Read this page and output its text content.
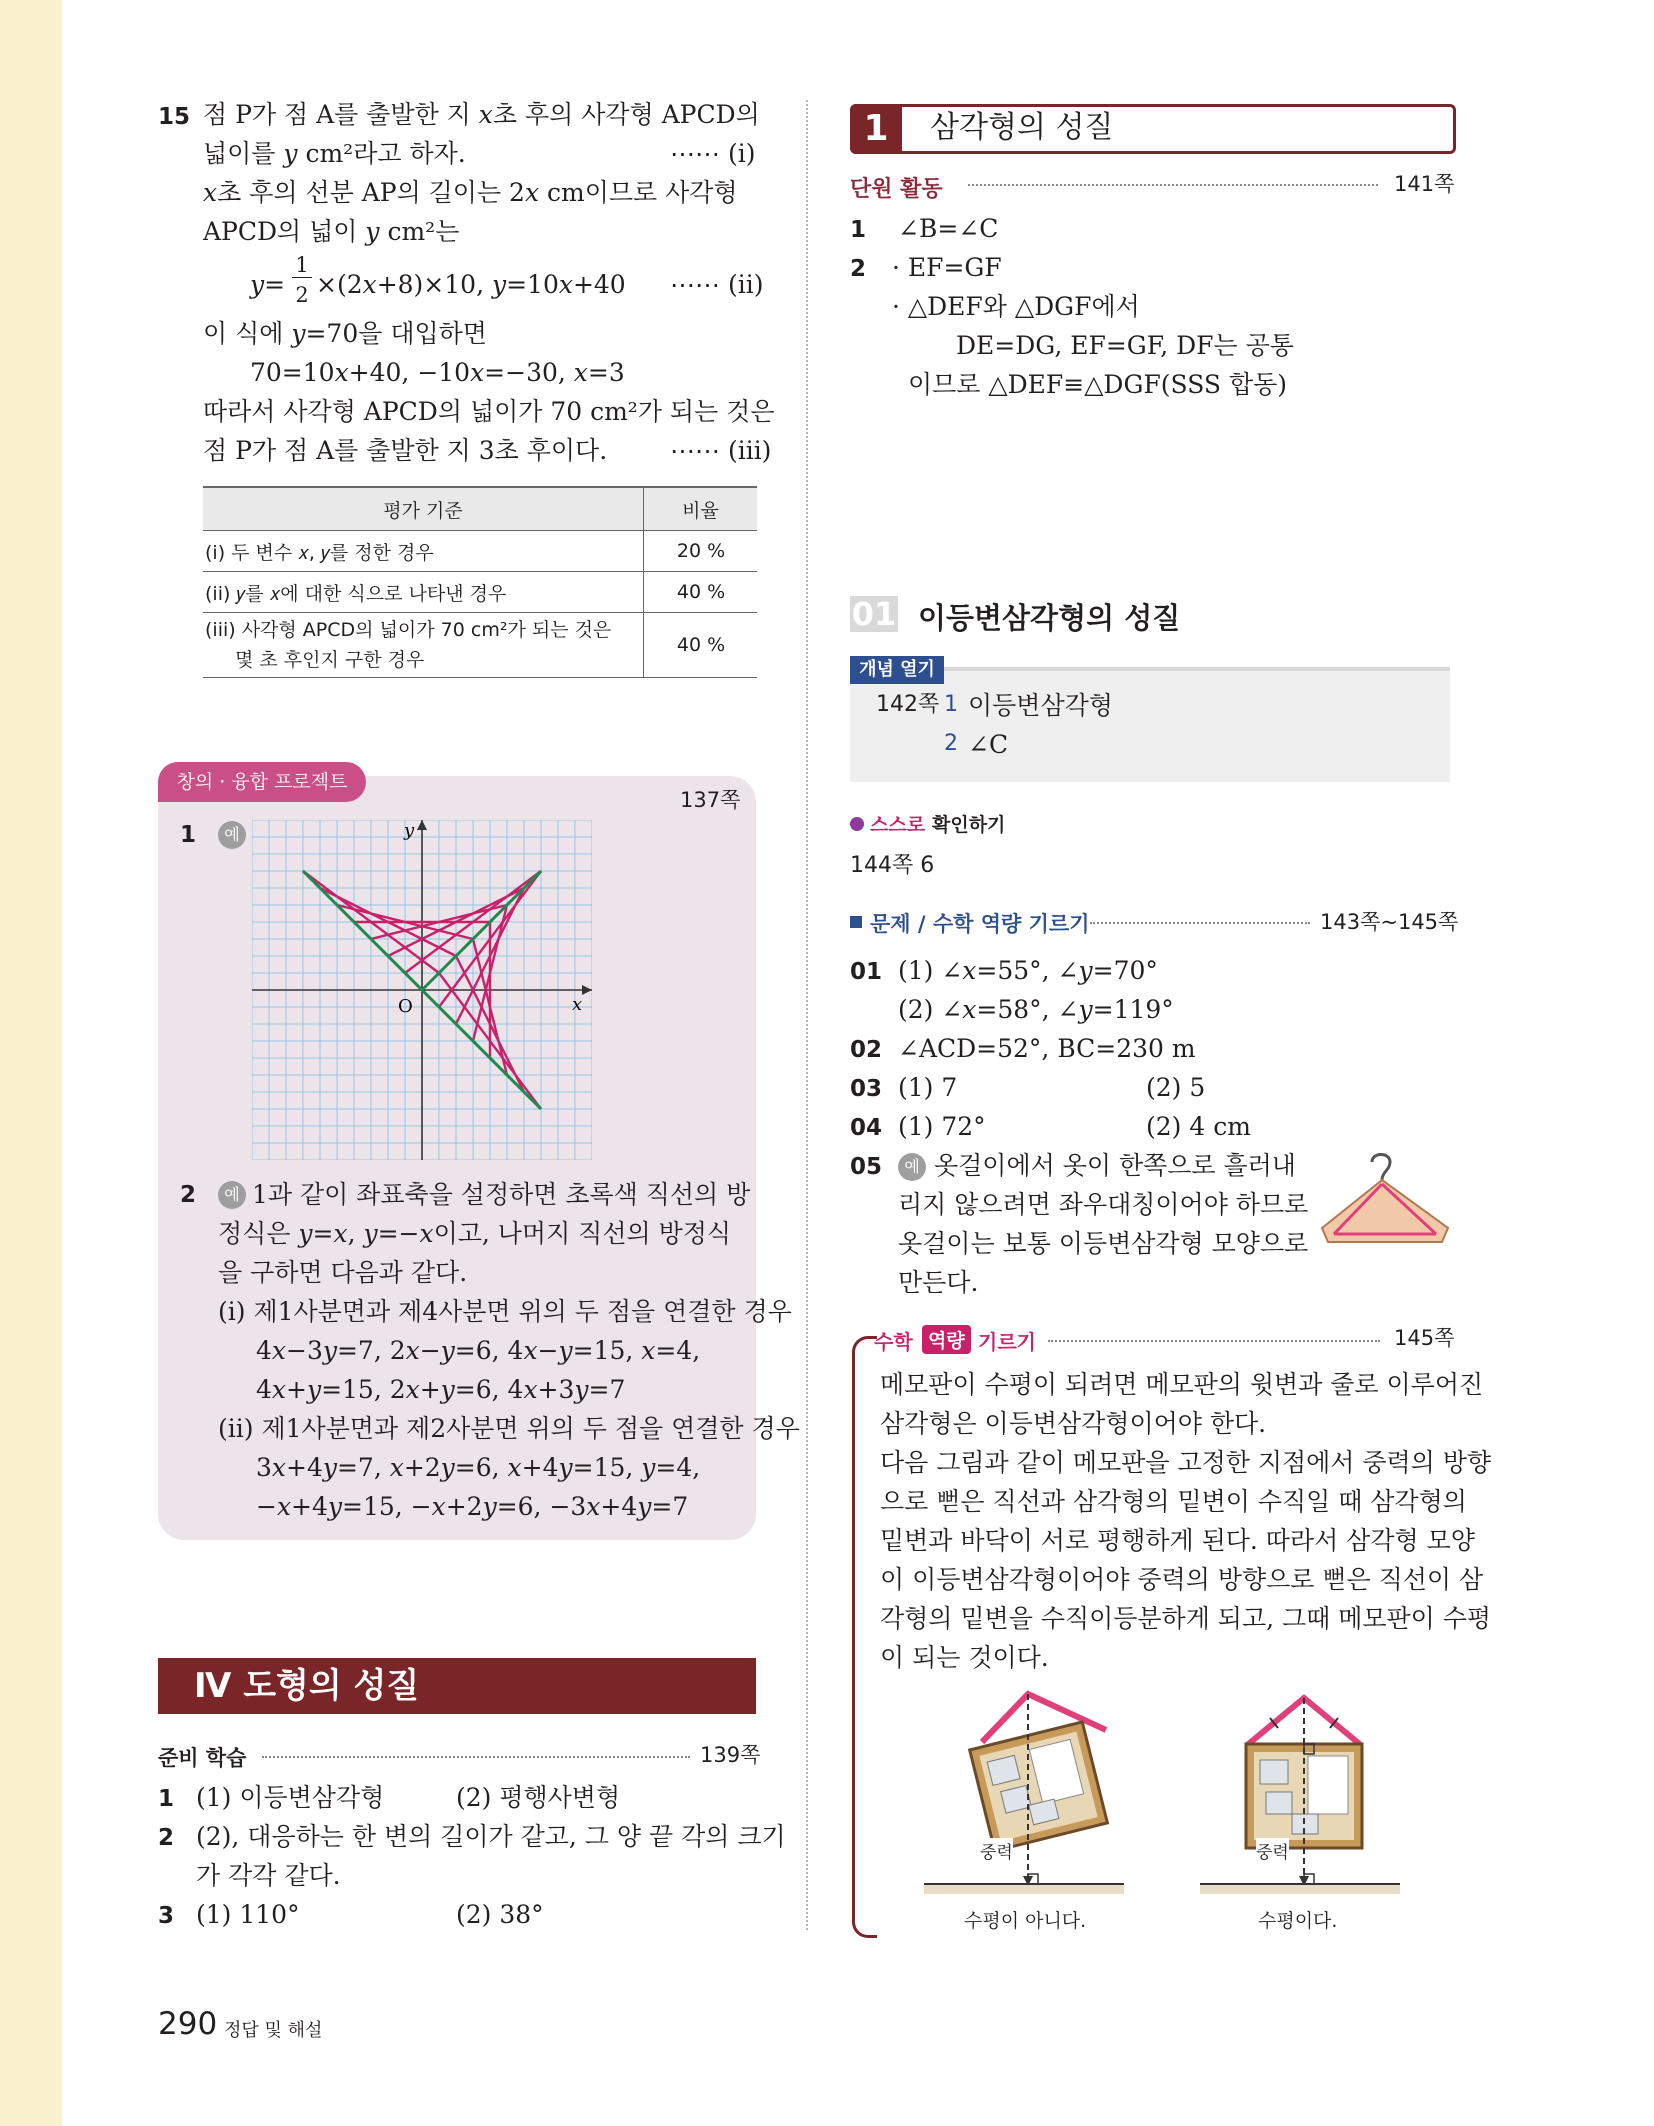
15 점 P가 점 A를 출발한 지 𝑥초 후의 사각형 APCD의
넓이를 𝑦 cm²라고 하자.	⋯⋯ (i)
𝑥초 후의 선분 AP의 길이는 2𝑥 cm이므로 사각형
APCD의 넓이 𝑦 cm²는
𝑦=
1
2 ×(2𝑥+8)×10, 𝑦=10𝑥+40 ⋯⋯ (ii)
이 식에 𝑦=70을 대입하면
70=10𝑥+40, −10𝑥=−30, 𝑥=3
따라서 사각형 APCD의 넓이가 70 cm²가 되는 것은
점 P가 점 A를 출발한 지 3초 후이다.	⋯⋯ (iii)
평가 기준	비율
(i) 두 변수 𝑥, 𝑦를 정한 경우	20 %
(ii) 𝑦를 𝑥에 대한 식으로 나타낸 경우	40 %

(iii) 사각형 APCD의 넓이가 70 cm²가 되는 것은
몇 초 후인지 구한 경우	40 %
창의 · 융합 프로젝트
137쪽
1	예	y
x
O
2	예 1과 같이 좌표축을 설정하면 초록색 직선의 방
정식은 𝑦=𝑥, 𝑦=−𝑥이고, 나머지 직선의 방정식
을 구하면 다음과 같다.
(i) 제1사분면과 제4사분면 위의 두 점을 연결한 경우
4𝑥−3𝑦=7, 2𝑥−𝑦=6, 4𝑥−𝑦=15, 𝑥=4,
4𝑥+𝑦=15, 2𝑥+𝑦=6, 4𝑥+3𝑦=7
(ii) 제1사분면과 제2사분면 위의 두 점을 연결한 경우
3𝑥+4𝑦=7, 𝑥+2𝑦=6, 𝑥+4𝑦=15, 𝑦=4,
−𝑥+4𝑦=15, −𝑥+2𝑦=6, −3𝑥+4𝑦=7
Ⅳ 도형의 성질
준비 학습	139쪽
1 (1) 이등변삼각형	(2) 평행사변형
2 (2), 대응하는 한 변의 길이가 같고, 그 양 끝 각의 크기
가 각각 같다.
3 (1) 110°	(2) 38°
290 정답 및 해설
1	삼각형의 성질
단원 활동	141쪽
1 ∠B=∠C
2 · EF=GF
· △DEF와 △DGF에서
DE=DG, EF=GF, DF는 공통
이므로 △DEF≡△DGF(SSS 합동)
01 이등변삼각형의 성질
개념 열기
142쪽 1 이등변삼각형
2 ∠C
스스로 확인하기
144쪽 6
문제 / 수학 역량 기르기	143쪽~145쪽
01 (1) ∠𝑥=55°, ∠𝑦=70°
(2) ∠𝑥=58°, ∠𝑦=119°
02 ∠ACD=52°, BC=230 m
03 (1) 7	(2) 5
04 (1) 72°	(2) 4 cm
05	예 옷걸이에서 옷이 한쪽으로 흘러내
리지 않으려면 좌우대칭이어야 하므로
옷걸이는 보통 이등변삼각형 모양으로
만든다.
수학 역량 기르기	145쪽
메모판이 수평이 되려면 메모판의 윗변과 줄로 이루어진
삼각형은 이등변삼각형이어야 한다.
다음 그림과 같이 메모판을 고정한 지점에서 중력의 방향
으로 뻗은 직선과 삼각형의 밑변이 수직일 때 삼각형의
밑변과 바닥이 서로 평행하게 된다. 따라서 삼각형 모양
이 이등변삼각형이어야 중력의 방향으로 뻗은 직선이 삼
각형의 밑변을 수직이등분하게 되고, 그때 메모판이 수평
이 되는 것이다.
중력
수평이 아니다.
중력
수평이다.
